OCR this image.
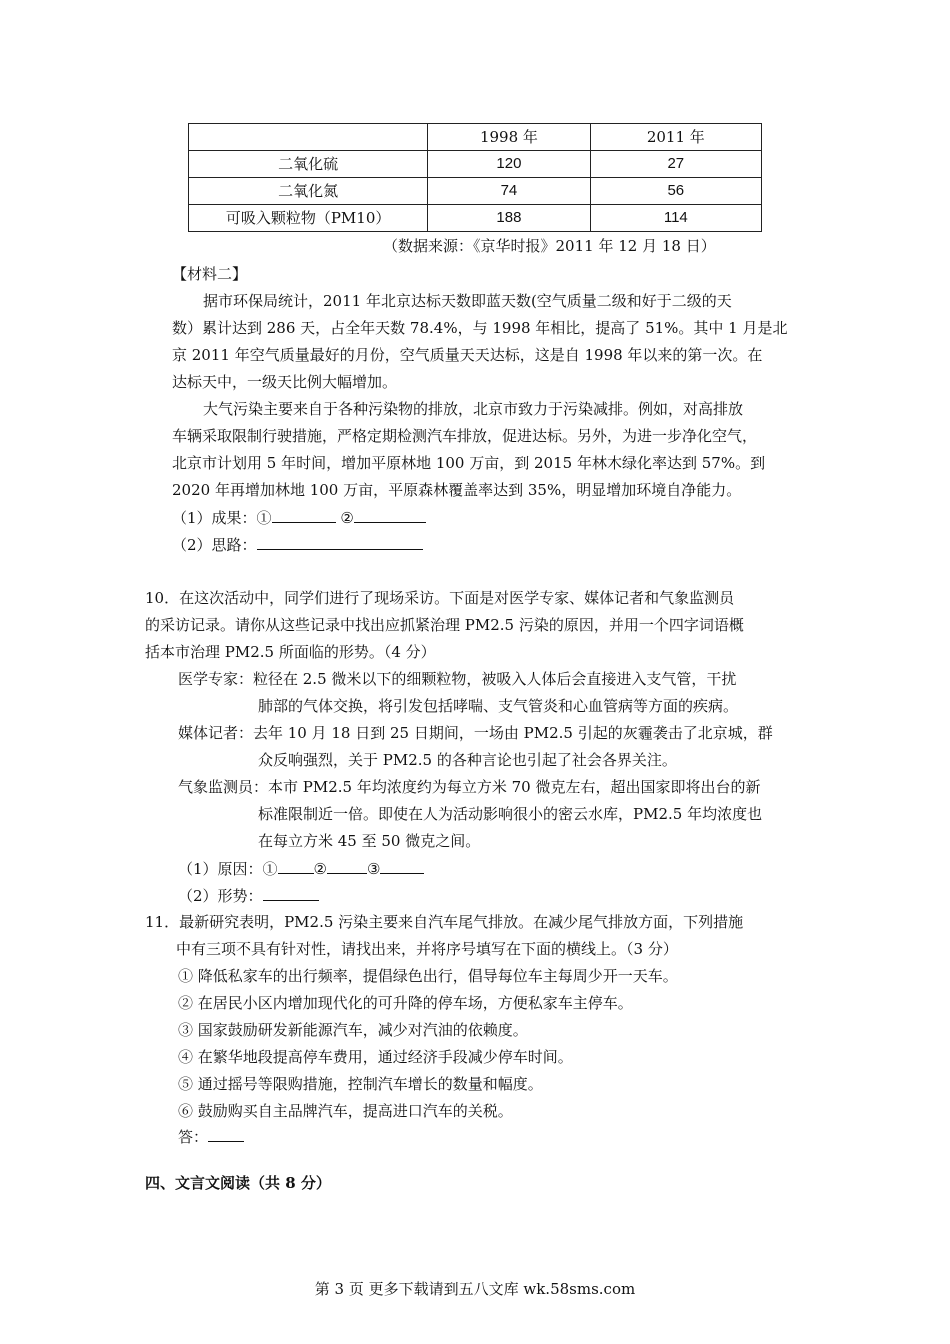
	1998 年	2011 年
二氧化硫	120	27
二氧化氮	74	56
可吸入颗粒物（PM10）	188	114
（数据来源：《京华时报》2011 年 12 月 18 日）
【材料二】
据市环保局统计，2011 年北京达标天数即蓝天数(空气质量二级和好于二级的天
数）累计达到 286 天，占全年天数 78.4%，与 1998 年相比，提高了 51%。其中 1 月是北
京 2011 年空气质量最好的月份，空气质量天天达标，这是自 1998 年以来的第一次。在
达标天中，一级天比例大幅增加。
大气污染主要来自于各种污染物的排放，北京市致力于污染减排。例如，对高排放
车辆采取限制行驶措施，严格定期检测汽车排放，促进达标。另外，为进一步净化空气，
北京市计划用 5 年时间，增加平原林地 100 万亩，到 2015 年林木绿化率达到 57%。到
2020 年再增加林地 100 万亩，平原森林覆盖率达到 35%，明显增加环境自净能力。
（1）成果：①	②
（2）思路：
10．在这次活动中，同学们进行了现场采访。下面是对医学专家、媒体记者和气象监测员
的采访记录。请你从这些记录中找出应抓紧治理 PM2.5 污染的原因，并用一个四字词语概
括本市治理 PM2.5 所面临的形势。（4 分）
医学专家：粒径在 2.5 微米以下的细颗粒物，被吸入人体后会直接进入支气管，干扰
肺部的气体交换，将引发包括哮喘、支气管炎和心血管病等方面的疾病。
媒体记者：去年 10 月 18 日到 25 日期间，一场由 PM2.5 引起的灰霾袭击了北京城，群
众反响强烈，关于 PM2.5 的各种言论也引起了社会各界关注。
气象监测员：本市 PM2.5 年均浓度约为每立方米 70 微克左右，超出国家即将出台的新
标准限制近一倍。即使在人为活动影响很小的密云水库，PM2.5 年均浓度也
在每立方米 45 至 50 微克之间。
（1）原因：① ②	③
（2）形势：
11．最新研究表明，PM2.5 污染主要来自汽车尾气排放。在减少尾气排放方面，下列措施
中有三项不具有针对性，请找出来，并将序号填写在下面的横线上。（3 分）
① 降低私家车的出行频率，提倡绿色出行，倡导每位车主每周少开一天车。
② 在居民小区内增加现代化的可升降的停车场，方便私家车主停车。
③ 国家鼓励研发新能源汽车，减少对汽油的依赖度。
④ 在繁华地段提高停车费用，通过经济手段减少停车时间。
⑤ 通过摇号等限购措施，控制汽车增长的数量和幅度。
⑥ 鼓励购买自主品牌汽车，提高进口汽车的关税。
答：
四、文言文阅读（共 8 分）
第 3 页 更多下载请到五八文库 wk.58sms.com
